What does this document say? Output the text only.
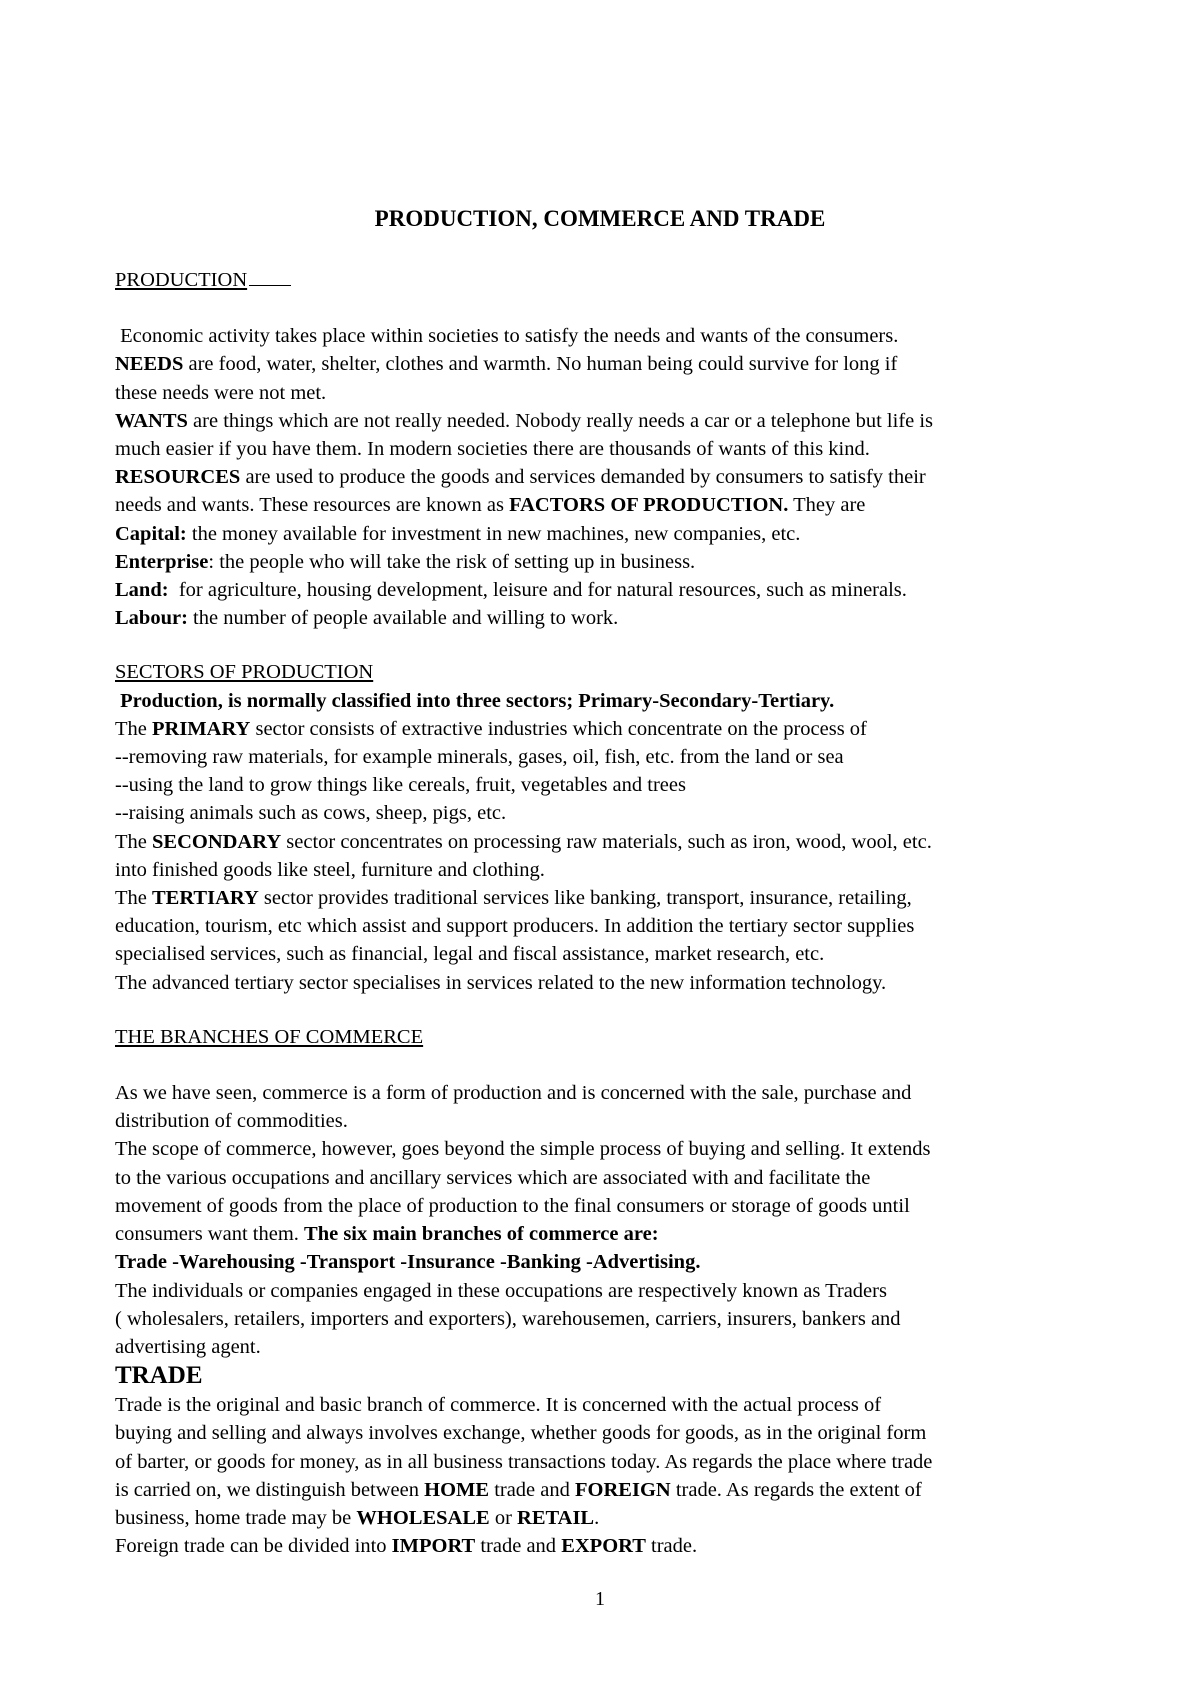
PRODUCTION, COMMERCE AND TRADE

PRODUCTION

Economic activity takes place within societies to satisfy the needs and wants of the consumers.

NEEDS are food, water, shelter, clothes and warmth. No human being could survive for long if

these needs were not met.

WANTS are things which are not really needed. Nobody really needs a car or a telephone but life is

much easier if you have them. In modern societies there are thousands of wants of this kind.

RESOURCES are used to produce the goods and services demanded by consumers to satisfy their

needs and wants. These resources are known as FACTORS OF PRODUCTION. They are

Capital: the money available for investment in new machines, new companies, etc.

Enterprise: the people who will take the risk of setting up in business.

Land:  for agriculture, housing development, leisure and for natural resources, such as minerals.

Labour: the number of people available and willing to work.

SECTORS OF PRODUCTION

Production, is normally classified into three sectors; Primary-Secondary-Tertiary.

The PRIMARY sector consists of extractive industries which concentrate on the process of

--removing raw materials, for example minerals, gases, oil, fish, etc. from the land or sea

--using the land to grow things like cereals, fruit, vegetables and trees

--raising animals such as cows, sheep, pigs, etc.

The SECONDARY sector concentrates on processing raw materials, such as iron, wood, wool, etc.

into finished goods like steel, furniture and clothing.

The TERTIARY sector provides traditional services like banking, transport, insurance, retailing,

education, tourism, etc which assist and support producers. In addition the tertiary sector supplies

specialised services, such as financial, legal and fiscal assistance, market research, etc.

The advanced tertiary sector specialises in services related to the new information technology.

THE BRANCHES OF COMMERCE

As we have seen, commerce is a form of production and is concerned with the sale, purchase and

distribution of commodities.

The scope of commerce, however, goes beyond the simple process of buying and selling. It extends

to the various occupations and ancillary services which are associated with and facilitate the

movement of goods from the place of production to the final consumers or storage of goods until

consumers want them. The six main branches of commerce are:

Trade -Warehousing -Transport -Insurance -Banking -Advertising.

The individuals or companies engaged in these occupations are respectively known as Traders

( wholesalers, retailers, importers and exporters), warehousemen, carriers, insurers, bankers and

advertising agent.

TRADE

Trade is the original and basic branch of commerce. It is concerned with the actual process of

buying and selling and always involves exchange, whether goods for goods, as in the original form

of barter, or goods for money, as in all business transactions today. As regards the place where trade

is carried on, we distinguish between HOME trade and FOREIGN trade. As regards the extent of

business, home trade may be WHOLESALE or RETAIL.

Foreign trade can be divided into IMPORT trade and EXPORT trade.

1
